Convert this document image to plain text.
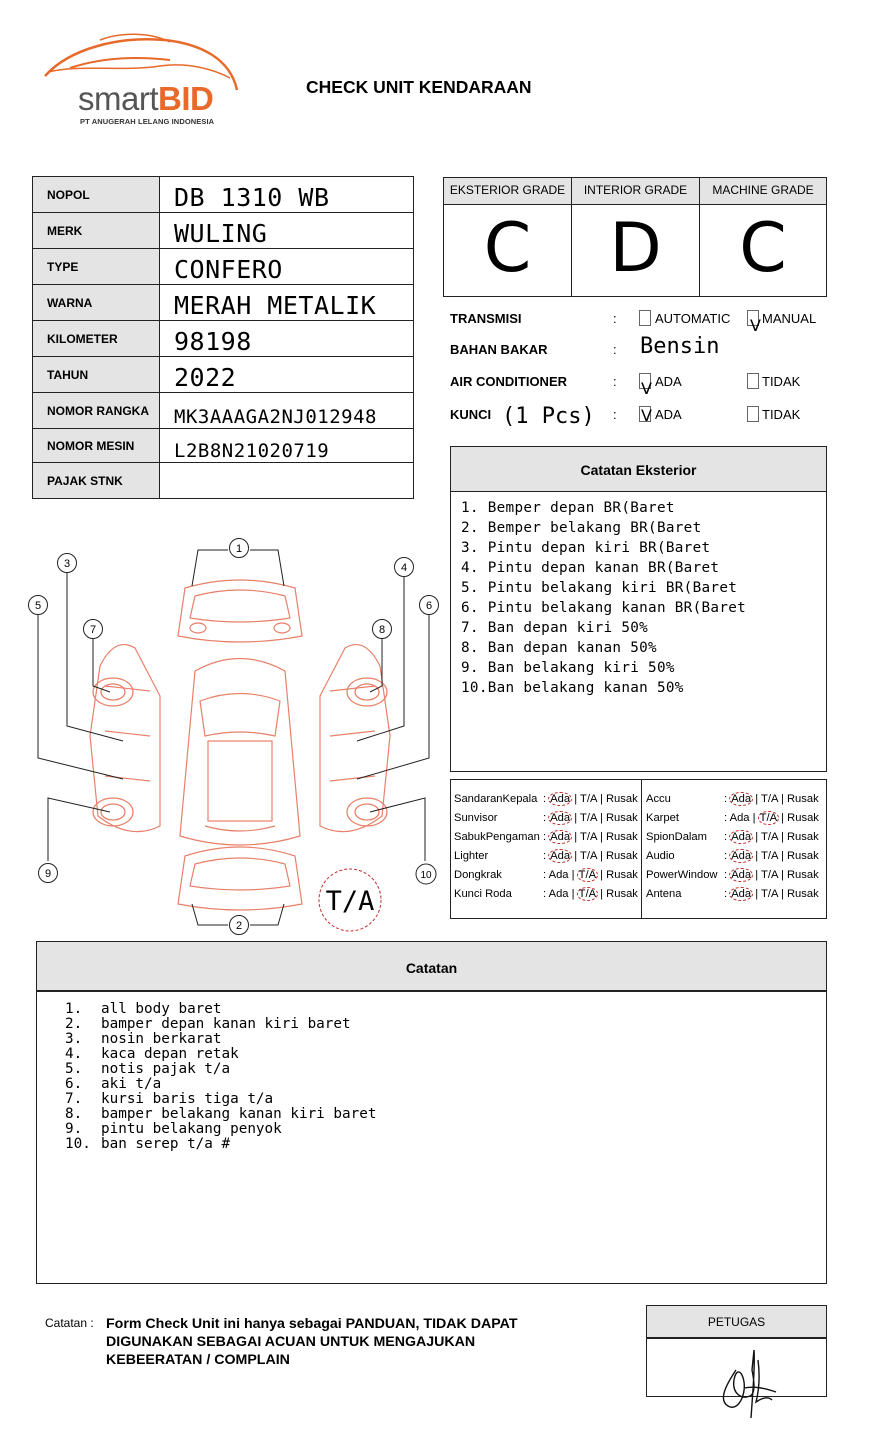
smartBID
PT ANUGERAH LELANG INDONESIA
CHECK UNIT KENDARAAN
NOPOL	DB 1310 WB
MERK	WULING
TYPE	CONFERO
WARNA	MERAH METALIK
KILOMETER	98198
TAHUN	2022
NOMOR RANGKA	MK3AAAGA2NJ012948
NOMOR MESIN	L2B8N21020719
PAJAK STNK	
EKSTERIOR GRADE
C
INTERIOR GRADE
D
MACHINE GRADE
C
TRANSMISI	:	AUTOMATIC V MANUAL
BAHAN BAKAR	: Bensin
AIR CONDITIONER	: V ADA	TIDAK
KUNCI (1 Pcs) : V ADA	TIDAK
Catatan Eksterior
1. Bemper depan BR(Baret
2. Bemper belakang BR(Baret
3. Pintu depan kiri BR(Baret
4. Pintu depan kanan BR(Baret
5. Pintu belakang kiri BR(Baret
6. Pintu belakang kanan BR(Baret
7. Ban depan kiri 50%
8. Ban depan kanan 50%
9. Ban belakang kiri 50%
10.Ban belakang kanan 50%
1
2
3	4
5	6
7	8
9	10
T/A
SandaranKepala : Ada | T/A | Rusak
Sunvisor	: Ada | T/A | Rusak
SabukPengaman : Ada | T/A | Rusak
Lighter	: Ada | T/A | Rusak
Dongkrak	: Ada | T/A | Rusak
Kunci Roda	: Ada | T/A | Rusak
Accu	: Ada | T/A | Rusak
Karpet	: Ada | T/A | Rusak
SpionDalam : Ada | T/A | Rusak
Audio	: Ada | T/A | Rusak
PowerWindow : Ada | T/A | Rusak
Antena	: Ada | T/A | Rusak
Catatan
1. all body baret
2. bamper depan kanan kiri baret
3. nosin berkarat
4. kaca depan retak
5. notis pajak t/a
6. aki t/a
7. kursi baris tiga t/a
8. bamper belakang kanan kiri baret
9. pintu belakang penyok
10. ban serep t/a #
Catatan : Form Check Unit ini hanya sebagai PANDUAN, TIDAK DAPAT DIGUNAKAN SEBAGAI ACUAN UNTUK MENGAJUKAN KEBEERATAN / COMPLAIN
PETUGAS
